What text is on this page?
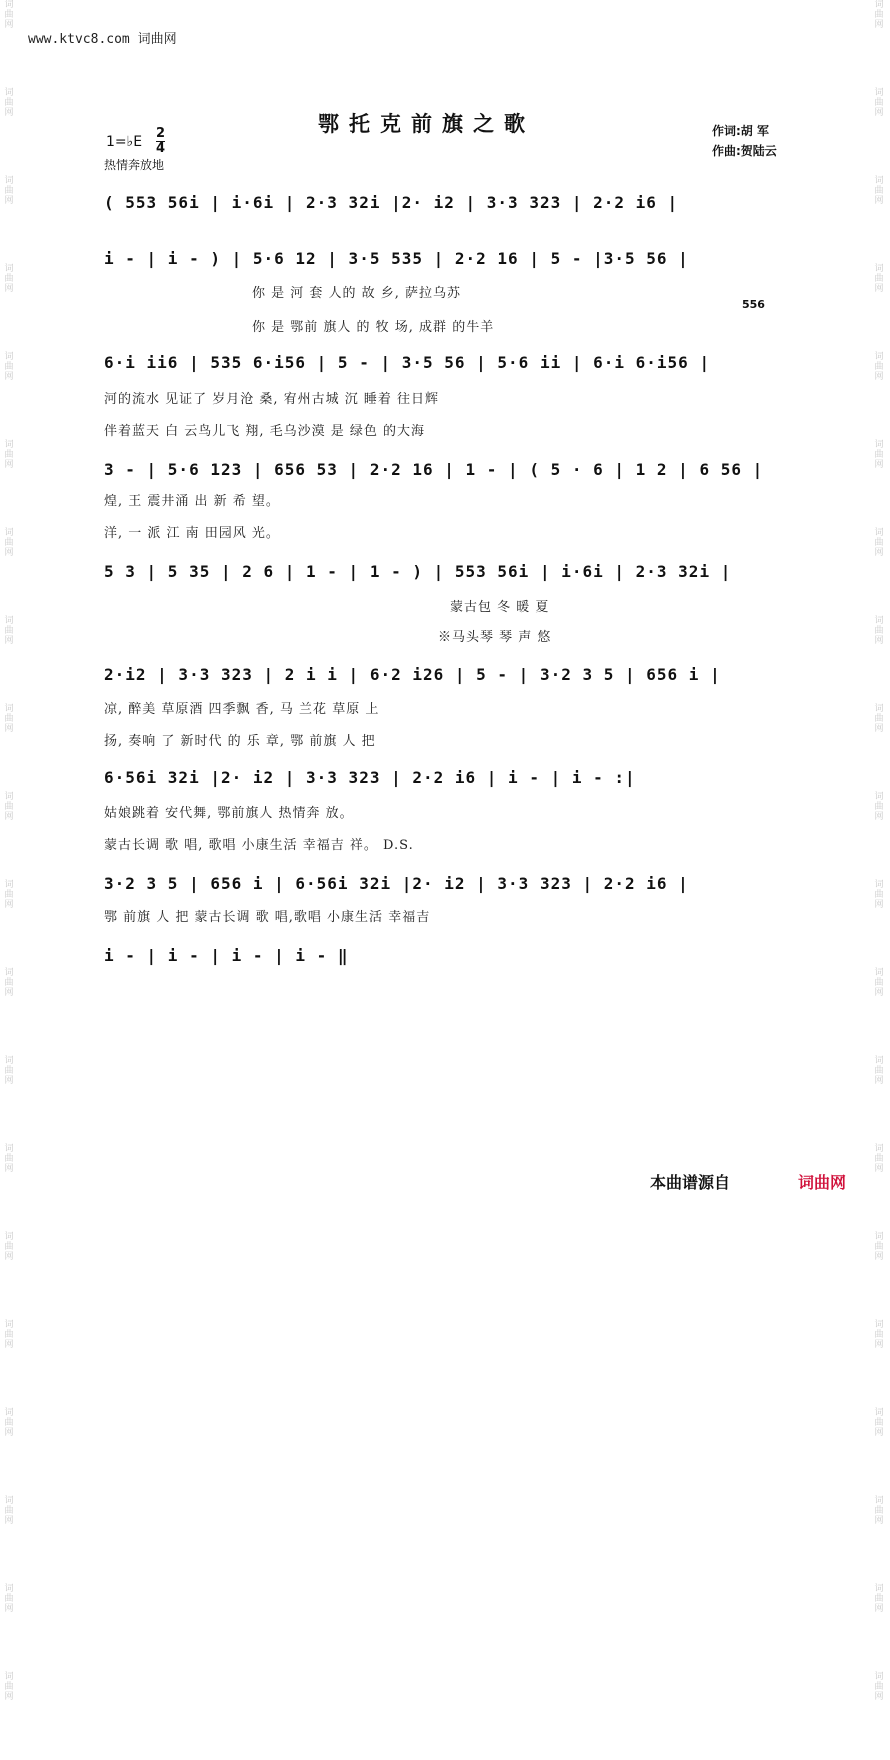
词
曲
网
词
曲
网
词
曲
网
词
曲
网
词
曲
网
词
曲
网
词
曲
网
词
曲
网
词
曲
网
词
曲
网
词
曲
网
词
曲
网
词
曲
网
词
曲
网
词
曲
网
词
曲
网
词
曲
网
词
曲
网
词
曲
网
词
曲
网
词
曲
网
词
曲
网
词
曲
网
词
曲
网
词
曲
网
词
曲
网
词
曲
网
词
曲
网
词
曲
网
词
曲
网
词
曲
网
词
曲
网
词
曲
网
词
曲
网
词
曲
网
词
曲
网
词
曲
网
词
曲
网
词
曲
网
词
曲
网
www.ktvc8.com 词曲网
鄂托克前旗之歌
1=♭E
2
4
热情奔放地
作词:胡 军
作曲:贺陆云
( 553 56i | i·6i | 2·3 32i |2· i2 | 3·3 323 | 2·2 i6 |
i - | i - ) | 5·6 12 | 3·5 535 | 2·2 16 | 5 - |3·5 56 |
你 是 河 套 人的 故 乡, 萨拉乌苏
你 是 鄂前 旗人 的 牧 场, 成群 的牛羊
556
6·i ii6 | 535 6·i56 | 5 - | 3·5 56 | 5·6 ii | 6·i 6·i56 |
河的流水 见证了 岁月沧 桑, 宥州古城 沉 睡着 往日辉
伴着蓝天 白 云鸟儿飞 翔, 毛乌沙漠 是 绿色 的大海
3 - | 5·6 123 | 656 53 | 2·2 16 | 1 - | ( 5 · 6 | 1 2 | 6 56 |
煌, 王 震井涌 出 新 希 望。
洋, 一 派 江 南 田园风 光。
5 3 | 5 35 | 2 6 | 1 - | 1 - ) | 553 56i | i·6i | 2·3 32i |
蒙古包 冬 暖 夏
※马头琴 琴 声 悠
2·i2 | 3·3 323 | 2 i i | 6·2 i26 | 5 - | 3·2 3 5 | 656 i |
凉, 醉美 草原酒 四季飘 香, 马 兰花 草原 上
扬, 奏响 了 新时代 的 乐 章, 鄂 前旗 人 把
6·56i 32i |2· i2 | 3·3 323 | 2·2 i6 | i - | i - :|
姑娘跳着 安代舞, 鄂前旗人 热情奔 放。
蒙古长调 歌 唱, 歌唱 小康生活 幸福吉 祥。 D.S.
3·2 3 5 | 656 i | 6·56i 32i |2· i2 | 3·3 323 | 2·2 i6 |
鄂 前旗 人 把 蒙古长调 歌 唱,歌唱 小康生活 幸福吉
i - | i - | i - | i - ‖
本曲谱源自	词曲网
